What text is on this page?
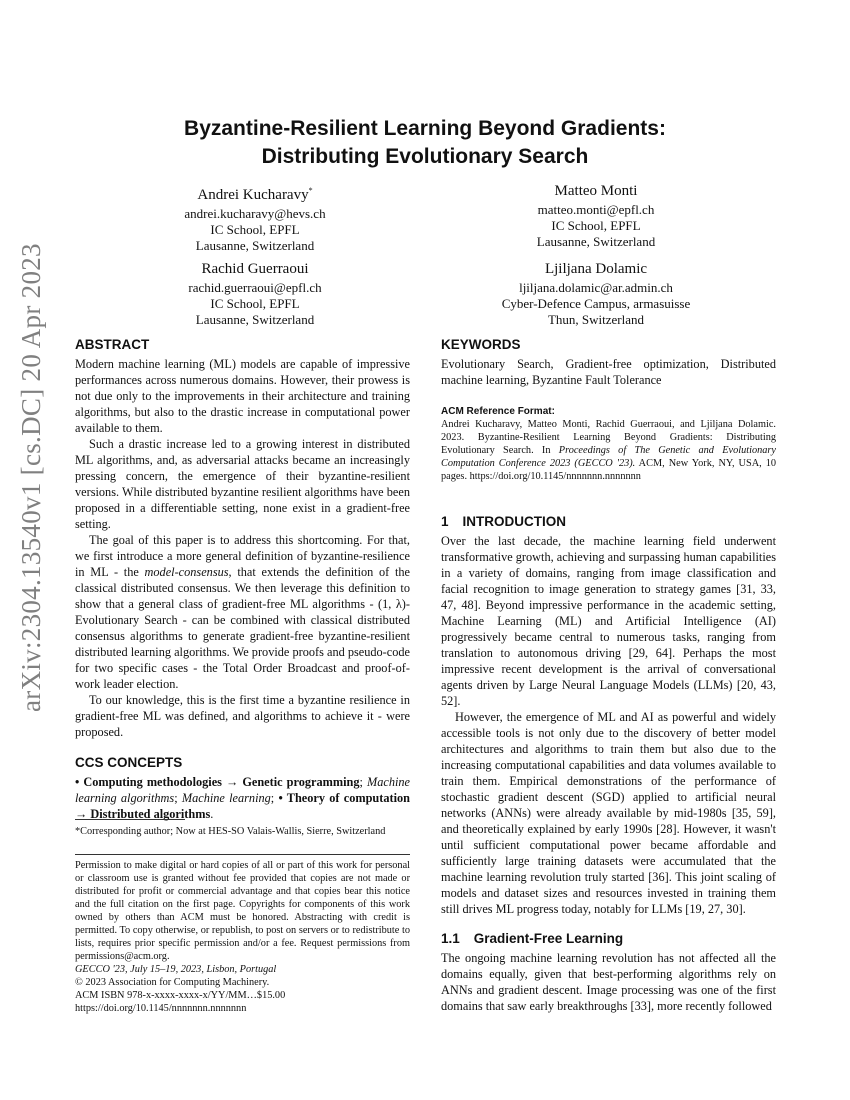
arXiv:2304.13540v1 [cs.DC] 20 Apr 2023
Byzantine-Resilient Learning Beyond Gradients:
Distributing Evolutionary Search
Andrei Kucharavy*
andrei.kucharavy@hevs.ch
IC School, EPFL
Lausanne, Switzerland
Matteo Monti
matteo.monti@epfl.ch
IC School, EPFL
Lausanne, Switzerland
Rachid Guerraoui
rachid.guerraoui@epfl.ch
IC School, EPFL
Lausanne, Switzerland
Ljiljana Dolamic
ljiljana.dolamic@ar.admin.ch
Cyber-Defence Campus, armasuisse
Thun, Switzerland
ABSTRACT

Modern machine learning (ML) models are capable of impressive performances across numerous domains. However, their prowess is not due only to the improvements in their architecture and training algorithms, but also to the drastic increase in computational power available to them.

Such a drastic increase led to a growing interest in distributed ML algorithms, and, as adversarial attacks became an increasingly pressing concern, the emergence of their byzantine-resilient versions. While distributed byzantine resilient algorithms have been proposed in a differentiable setting, none exist in a gradient-free setting.

The goal of this paper is to address this shortcoming. For that, we first introduce a more general definition of byzantine-resilience in ML - the model-consensus, that extends the definition of the classical distributed consensus. We then leverage this definition to show that a general class of gradient-free ML algorithms - (1, λ)-Evolutionary Search - can be combined with classical distributed consensus algorithms to generate gradient-free byzantine-resilient distributed learning algorithms. We provide proofs and pseudo-code for two specific cases - the Total Order Broadcast and proof-of-work leader election.

To our knowledge, this is the first time a byzantine resilience in gradient-free ML was defined, and algorithms to achieve it - were proposed.

CCS CONCEPTS

• Computing methodologies → Genetic programming; Machine learning algorithms; Machine learning; • Theory of computation → Distributed algorithms.

*Corresponding author; Now at HES-SO Valais-Wallis, Sierre, Switzerland
Permission to make digital or hard copies of all or part of this work for personal or classroom use is granted without fee provided that copies are not made or distributed for profit or commercial advantage and that copies bear this notice and the full citation on the first page. Copyrights for components of this work owned by others than ACM must be honored. Abstracting with credit is permitted. To copy otherwise, or republish, to post on servers or to redistribute to lists, requires prior specific permission and/or a fee. Request permissions from permissions@acm.org.
GECCO '23, July 15–19, 2023, Lisbon, Portugal
© 2023 Association for Computing Machinery.
ACM ISBN 978-x-xxxx-xxxx-x/YY/MM…$15.00
https://doi.org/10.1145/nnnnnnn.nnnnnnn
KEYWORDS

Evolutionary Search, Gradient-free optimization, Distributed machine learning, Byzantine Fault Tolerance

ACM Reference Format:
Andrei Kucharavy, Matteo Monti, Rachid Guerraoui, and Ljiljana Dolamic. 2023. Byzantine-Resilient Learning Beyond Gradients: Distributing Evolutionary Search. In Proceedings of The Genetic and Evolutionary Computation Conference 2023 (GECCO '23). ACM, New York, NY, USA, 10 pages. https://doi.org/10.1145/nnnnnnn.nnnnnnn
1 INTRODUCTION

Over the last decade, the machine learning field underwent transformative growth, achieving and surpassing human capabilities in a variety of domains, ranging from image classification and facial recognition to image generation to strategy games [31, 33, 47, 48]. Beyond impressive performance in the academic setting, Machine Learning (ML) and Artificial Intelligence (AI) progressively became central to numerous tasks, ranging from translation to autonomous driving [29, 64]. Perhaps the most impressive recent development is the arrival of conversational agents driven by Large Neural Language Models (LLMs) [20, 43, 52].

However, the emergence of ML and AI as powerful and widely accessible tools is not only due to the discovery of better model architectures and algorithms to train them but also due to the increasing computational capabilities and data volumes available to train them. Empirical demonstrations of the performance of stochastic gradient descent (SGD) applied to artificial neural networks (ANNs) were already available by mid-1980s [35, 59], and theoretically explained by early 1990s [28]. However, it wasn't until sufficient computational power became affordable and sufficiently large training datasets were accumulated that the machine learning revolution truly started [36]. This joint scaling of models and dataset sizes and resources invested in training them still drives ML progress today, notably for LLMs [19, 27, 30].

1.1 Gradient-Free Learning

The ongoing machine learning revolution has not affected all the domains equally, given that best-performing algorithms rely on ANNs and gradient descent. Image processing was one of the first domains that saw early breakthroughs [33], more recently followed
